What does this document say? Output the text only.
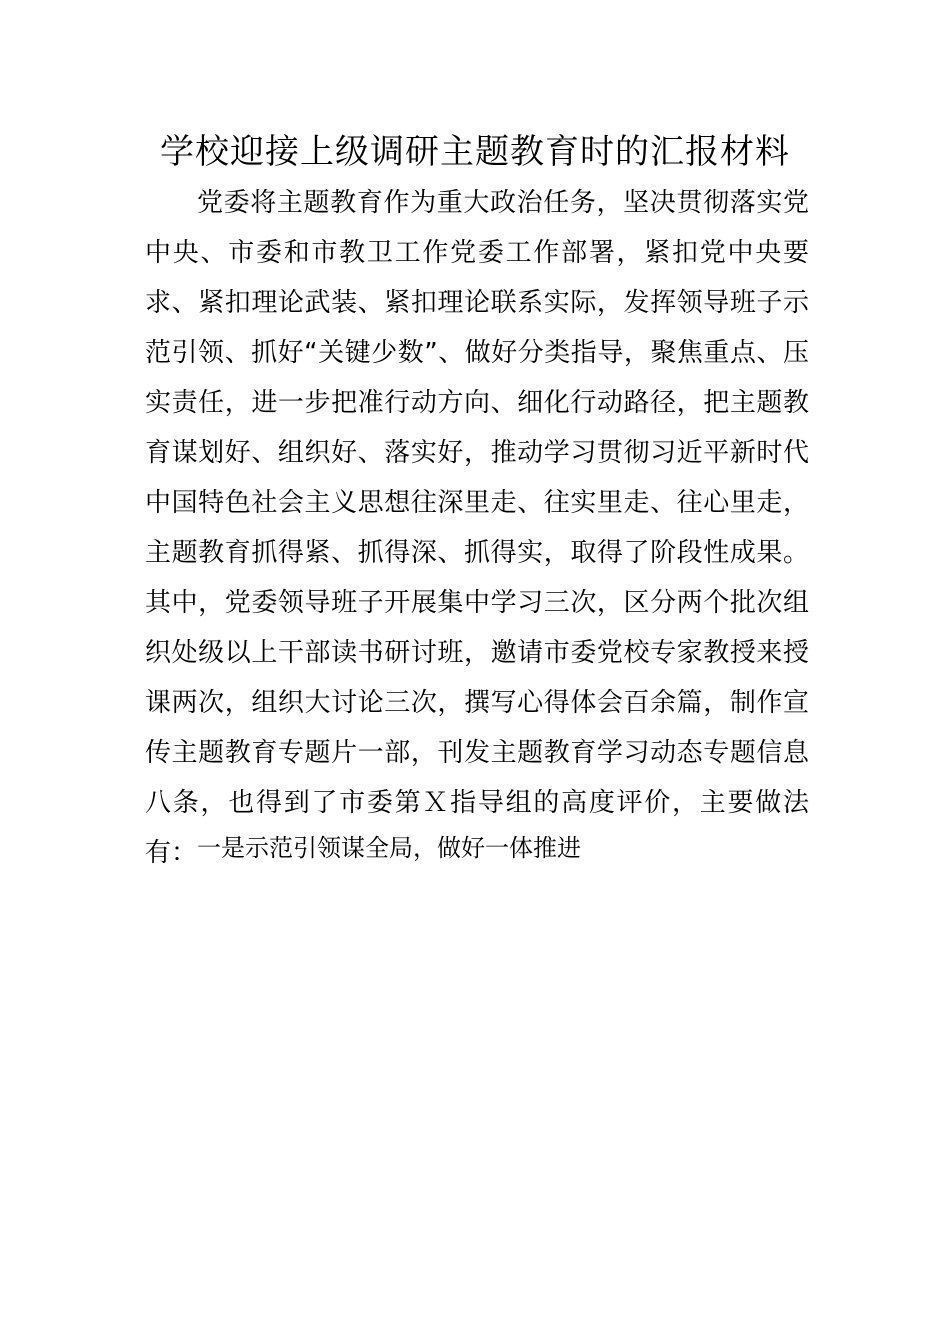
学校迎接上级调研主题教育时的汇报材料

党委将主题教育作为重大政治任务，坚决贯彻落实党中央、市委和市教卫工作党委工作部署，紧扣党中央要求、紧扣理论武装、紧扣理论联系实际，发挥领导班子示范引领、抓好“关键少数”、做好分类指导，聚焦重点、压实责任，进一步把准行动方向、细化行动路径，把主题教育谋划好、组织好、落实好，推动学习贯彻习近平新时代中国特色社会主义思想往深里走、往实里走、往心里走，主题教育抓得紧、抓得深、抓得实，取得了阶段性成果。其中，党委领导班子开展集中学习三次，区分两个批次组织处级以上干部读书研讨班，邀请市委党校专家教授来授课两次，组织大讨论三次，撰写心得体会百余篇，制作宣传主题教育专题片一部，刊发主题教育学习动态专题信息八条，也得到了市委第Ｘ指导组的高度评价，主要做法有： 一是示范引领谋全局，做好一体推进
